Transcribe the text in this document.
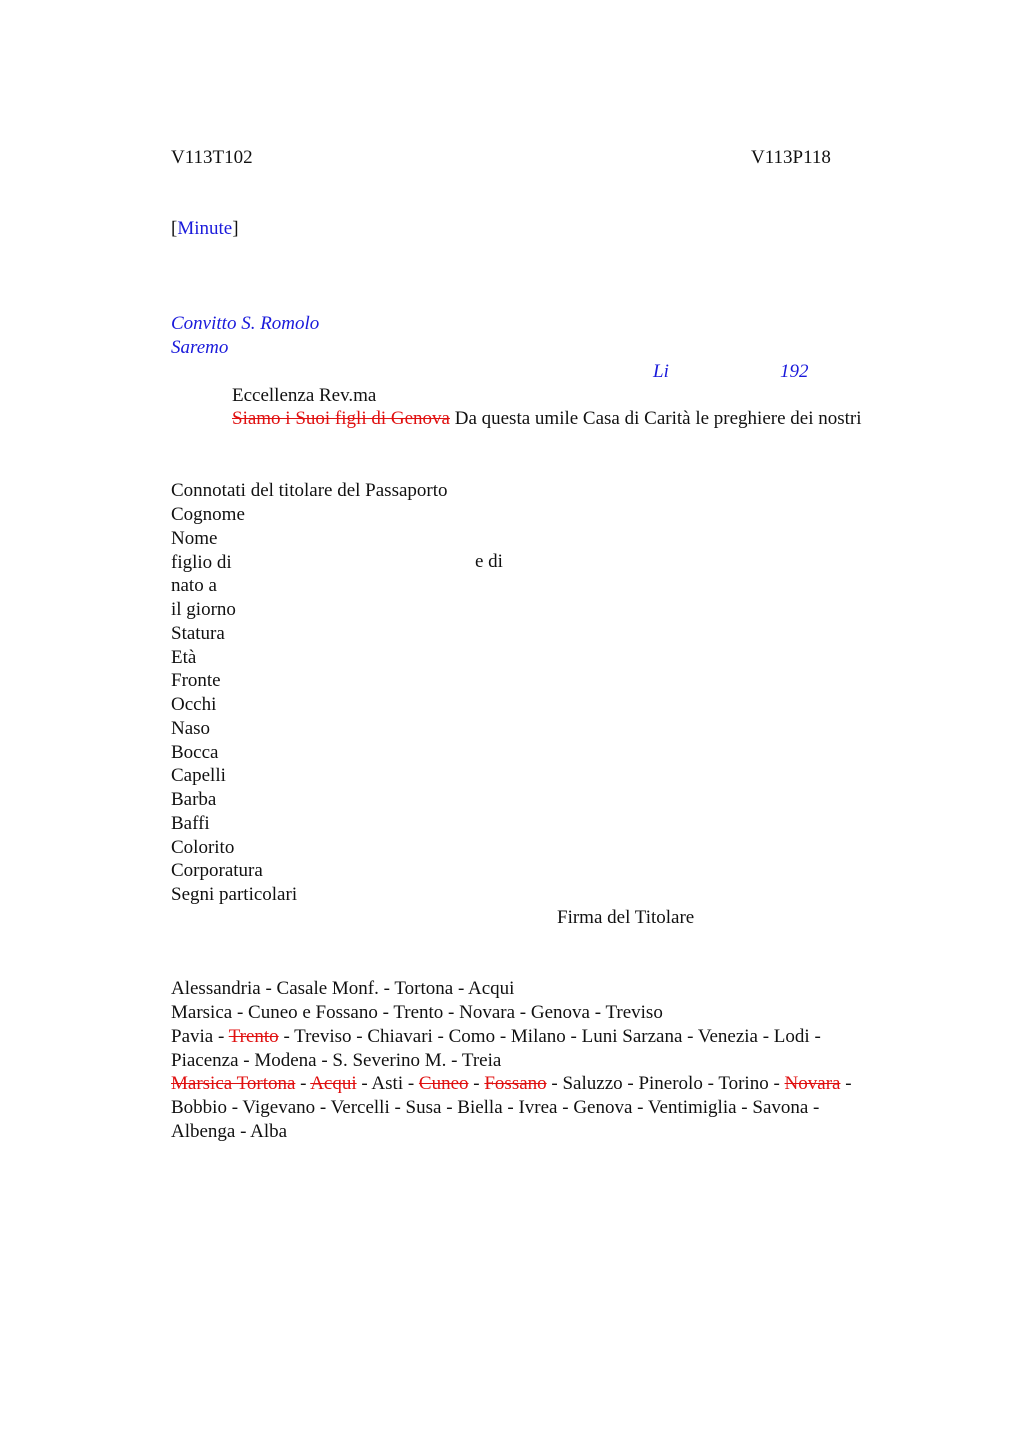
V113T102	V113P118
[Minute]
Convitto S. Romolo
Saremo
Li	192
Eccellenza Rev.ma
Siamo i Suoi figli di Genova Da questa umile Casa di Carità le preghiere dei nostri
Connotati del titolare del Passaporto
Cognome
Nome
figlio di
nato a
il giorno
Statura
Età
Fronte
Occhi
Naso
Bocca
Capelli
Barba
Baffi
Colorito
Corporatura
Segni particolari
e di
Firma del Titolare
Alessandria - Casale Monf. - Tortona - Acqui
Marsica - Cuneo e Fossano - Trento - Novara - Genova - Treviso
Pavia - Trento - Treviso - Chiavari - Como - Milano - Luni Sarzana - Venezia - Lodi -
Piacenza - Modena - S. Severino M. - Treia
Marsica Tortona - Acqui - Asti - Cuneo - Fossano - Saluzzo - Pinerolo - Torino - Novara -
Bobbio - Vigevano - Vercelli - Susa - Biella - Ivrea - Genova - Ventimiglia - Savona -
Albenga - Alba
